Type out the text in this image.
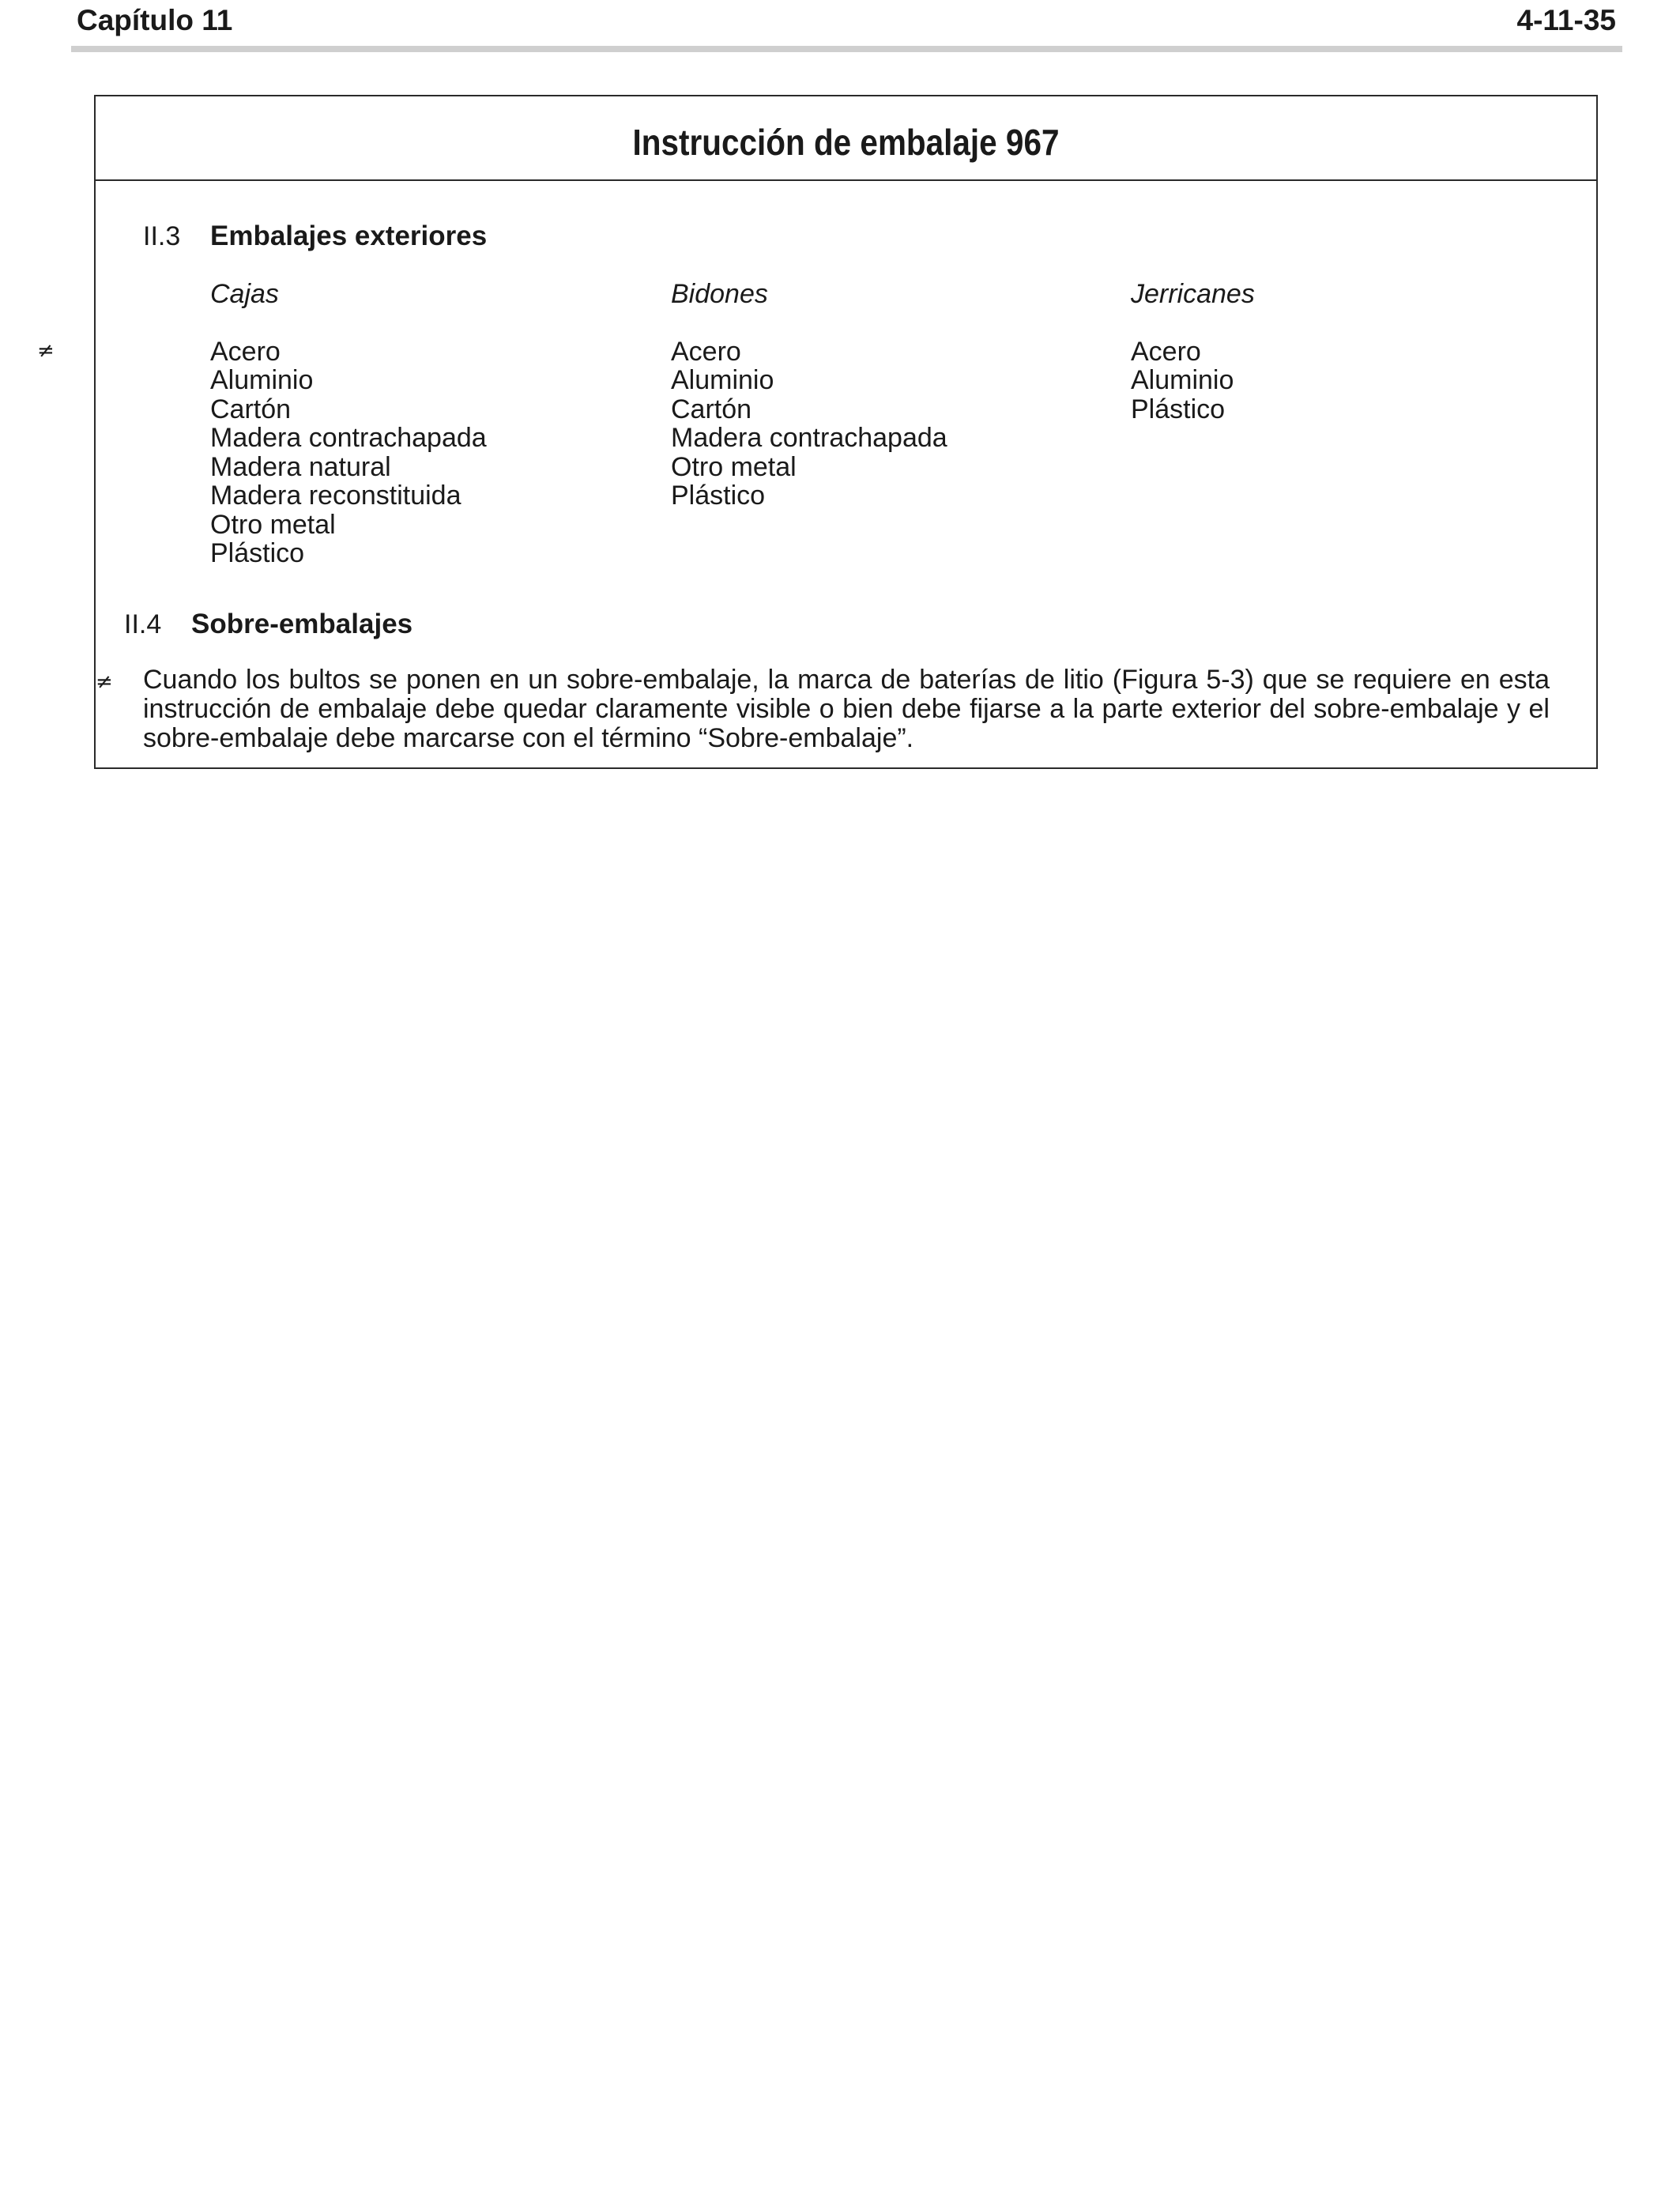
Capítulo 11	4-11-35
≠
Instrucción de embalaje 967
II.3 Embalajes exteriores
Cajas
Acero
Aluminio
Cartón
Madera contrachapada
Madera natural
Madera reconstituida
Otro metal
Plástico
Bidones
Acero
Aluminio
Cartón
Madera contrachapada
Otro metal
Plástico
Jerricanes
Acero
Aluminio
Plástico
II.4 Sobre-embalajes
≠ Cuando los bultos se ponen en un sobre-embalaje, la marca de baterías de litio (Figura 5-3) que se requiere en esta instrucción de embalaje debe quedar claramente visible o bien debe fijarse a la parte exterior del sobre-embalaje y el sobre-embalaje debe marcarse con el término “Sobre-embalaje”.
